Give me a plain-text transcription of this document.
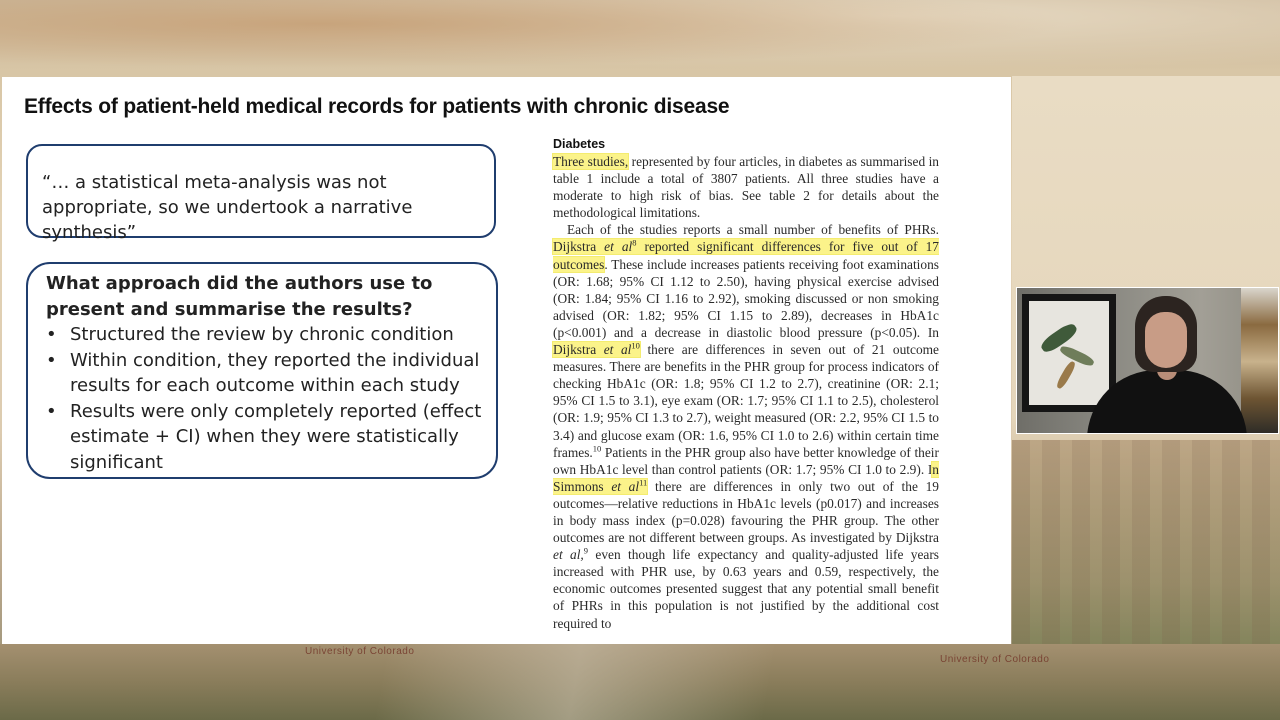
University of Colorado
University of Colorado
Effects of patient-held medical records for patients with chronic disease
“… a statistical meta-analysis was not appropriate, so we undertook a narrative synthesis”
What approach did the authors use to present and summarise the results?
• Structured the review by chronic condition
• Within condition, they reported the individual results for each outcome within each study
• Results were only completely reported (effect estimate + CI) when they were statistically significant
Diabetes

Three studies, represented by four articles, in diabetes as summarised in table 1 include a total of 3807 patients. All three studies have a moderate to high risk of bias. See table 2 for details about the methodological limitations.

Each of the studies reports a small number of benefits of PHRs. Dijkstra et $al^8$ reported significant differences for five out of 17 outcomes. These include increases patients receiving foot examinations (OR: 1.68; 95% CI 1.12 to 2.50), having physical exercise advised (OR: 1.84; 95% CI 1.16 to 2.92), smoking discussed or non smoking advised (OR: 1.82; 95% CI 1.15 to 2.89), decreases in HbA1c (p<0.001) and a decrease in diastolic blood pressure (p<0.05). In Dijkstra et $al^{10}$ there are differences in seven out of 21 outcome measures. There are benefits in the PHR group for process indicators of checking HbA1c (OR: 1.8; 95% CI 1.2 to 2.7), creatinine (OR: 2.1; 95% CI 1.5 to 3.1), eye exam (OR: 1.7; 95% CI 1.1 to 2.5), cholesterol (OR: 1.9; 95% CI 1.3 to 2.7), weight measured (OR: 2.2, 95% CI 1.5 to 3.4) and glucose exam (OR: 1.6, 95% CI 1.0 to 2.6) within certain time frames.$^{10}$ Patients in the PHR group also have better knowledge of their own HbA1c level than control patients (OR: 1.7; 95% CI 1.0 to 2.9). In Simmons et $al^{11}$ there are differences in only two out of the 19 outcomes—relative reductions in HbA1c levels (p0.017) and increases in body mass index (p=0.028) favouring the PHR group. The other outcomes are not different between groups. As investigated by Dijkstra et al,$^9$ even though life expectancy and quality-adjusted life years increased with PHR use, by 0.63 years and 0.59, respectively, the economic outcomes presented suggest that any potential small benefit of PHRs in this population is not justified by the additional cost required to
